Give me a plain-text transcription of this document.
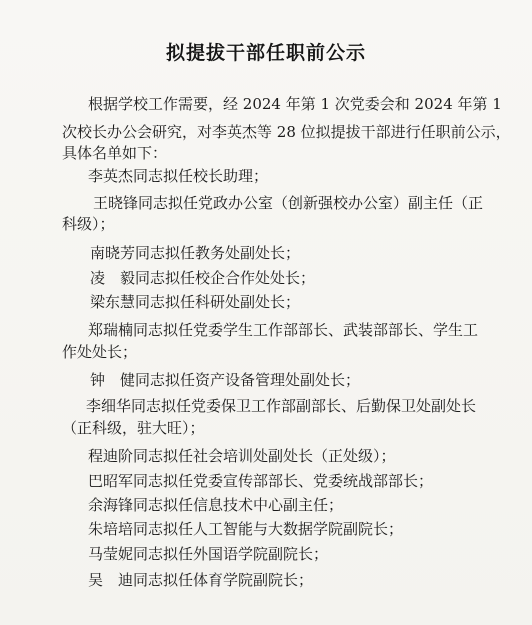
拟提拔干部任职前公示
根据学校工作需要，经 2024 年第 1 次党委会和 2024 年第 1
次校长办公会研究，对李英杰等 28 位拟提拔干部进行任职前公示，
具体名单如下：
李英杰同志拟任校长助理；
王晓锋同志拟任党政办公室（创新强校办公室）副主任（正
科级）；
南晓芳同志拟任教务处副处长；
凌　毅同志拟任校企合作处处长；
梁东慧同志拟任科研处副处长；
郑瑞楠同志拟任党委学生工作部部长、武装部部长、学生工
作处处长；
钟　健同志拟任资产设备管理处副处长；
李细华同志拟任党委保卫工作部副部长、后勤保卫处副处长
（正科级，驻大旺）；
程迪阶同志拟任社会培训处副处长（正处级）；
巴昭军同志拟任党委宣传部部长、党委统战部部长；
余海锋同志拟任信息技术中心副主任；
朱培培同志拟任人工智能与大数据学院副院长；
马莹妮同志拟任外国语学院副院长；
吴　迪同志拟任体育学院副院长；
